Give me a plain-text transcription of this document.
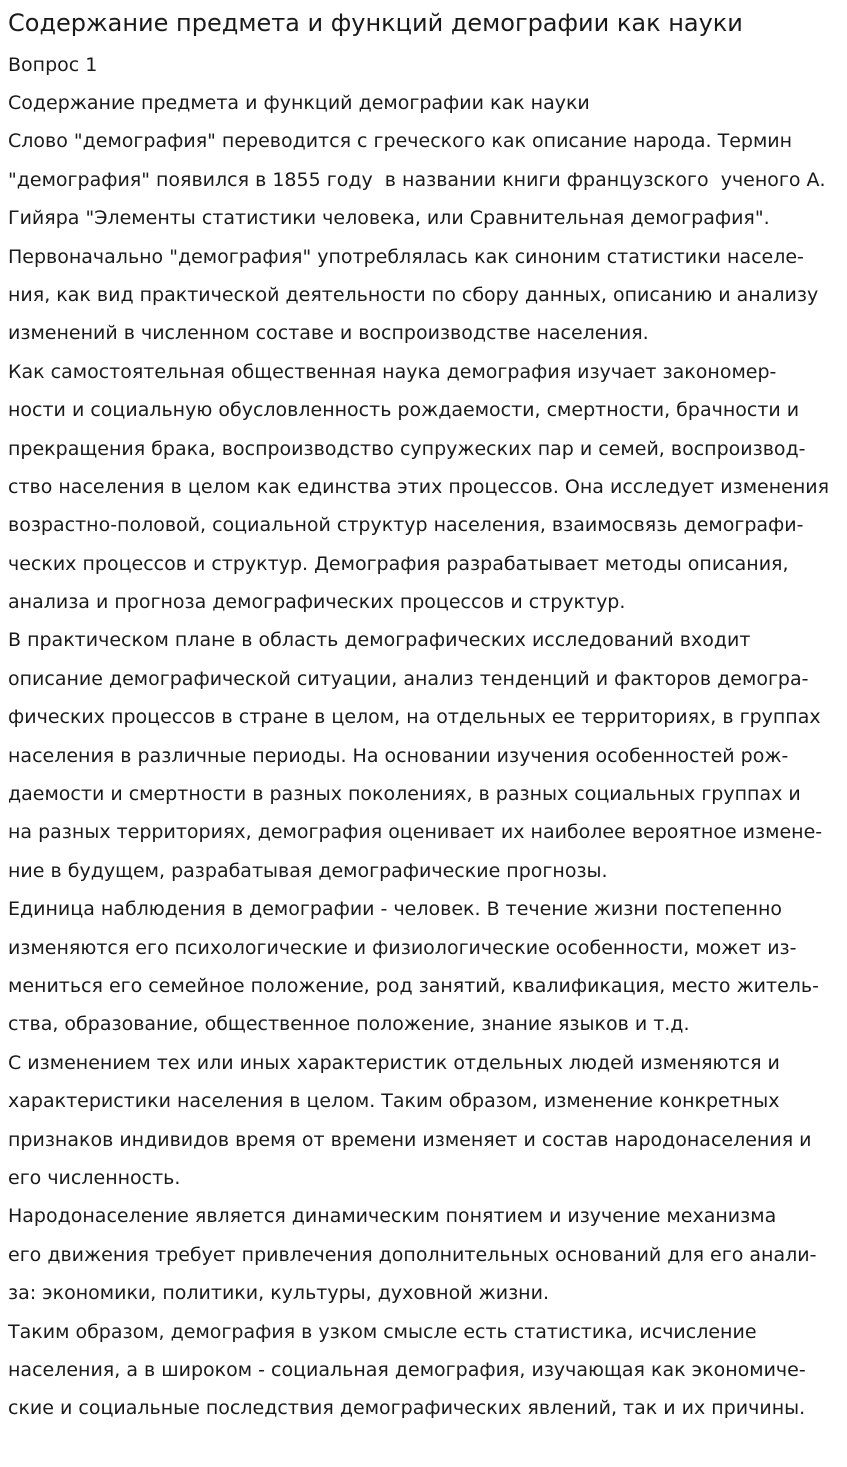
Содержание предмета и функций демографии как науки
Вопрос 1
Содержание предмета и функций демографии как науки
Слово "демография" переводится с греческого как описание народа. Термин
"демография" появился в 1855 году  в названии книги французского  ученого А.
Гийяра "Элементы статистики человека, или Сравнительная демография".
Первоначально "демография" употреблялась как синоним статистики населе-
ния, как вид практической деятельности по сбору данных, описанию и анализу
изменений в численном составе и воспроизводстве населения.
Как самостоятельная общественная наука демография изучает закономер-
ности и социальную обусловленность рождаемости, смертности, брачности и
прекращения брака, воспроизводство супружеских пар и семей, воспроизвод-
ство населения в целом как единства этих процессов. Она исследует изменения
возрастно-половой, социальной структур населения, взаимосвязь демографи-
ческих процессов и структур. Демография разрабатывает методы описания,
анализа и прогноза демографических процессов и структур.
В практическом плане в область демографических исследований входит
описание демографической ситуации, анализ тенденций и факторов демогра-
фических процессов в стране в целом, на отдельных ее территориях, в группах
населения в различные периоды. На основании изучения особенностей рож-
даемости и смертности в разных поколениях, в разных социальных группах и
на разных территориях, демография оценивает их наиболее вероятное измене-
ние в будущем, разрабатывая демографические прогнозы.
Единица наблюдения в демографии - человек. В течение жизни постепенно
изменяются его психологические и физиологические особенности, может из-
мениться его семейное положение, род занятий, квалификация, место житель-
ства, образование, общественное положение, знание языков и т.д.
С изменением тех или иных характеристик отдельных людей изменяются и
характеристики населения в целом. Таким образом, изменение конкретных
признаков индивидов время от времени изменяет и состав народонаселения и
его численность.
Народонаселение является динамическим понятием и изучение механизма
его движения требует привлечения дополнительных оснований для его анали-
за: экономики, политики, культуры, духовной жизни.
Таким образом, демография в узком смысле есть статистика, исчисление
населения, а в широком - социальная демография, изучающая как экономиче-
ские и социальные последствия демографических явлений, так и их причины.
